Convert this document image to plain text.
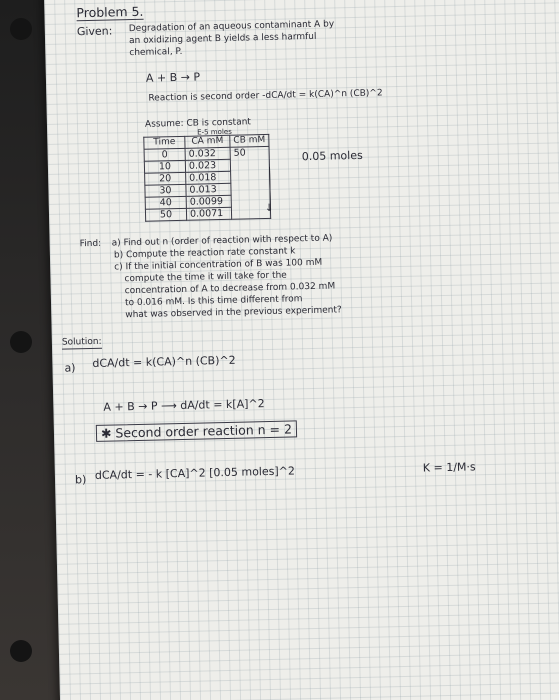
Problem 5.
Given: Degradation of an aqueous contaminant A by
an oxidizing agent B yields a less harmful
chemical, P.
A + B → P
Reaction is second order -dCA/dt = k(CA)^n (CB)^2
Assume: CB is constant
E-5 moles
Time	CA mM	CB mM
0	0.032	50
10	0.023	
20	0.018	
30	0.013	
40	0.0099	
50	0.0071		↓
0.05 moles
Find: a) Find out n (order of reaction with respect to A)
b) Compute the reaction rate constant k
c) If the initial concentration of B was 100 mM
compute the time it will take for the
concentration of A to decrease from 0.032 mM
to 0.016 mM. Is this time different from
what was observed in the previous experiment?
Solution:
a) dCA/dt = k(CA)^n (CB)^2
A + B → P ⟶ dA/dt = k[A]^2
✱ Second order reaction n = 2
b) dCA/dt = - k [CA]^2 [0.05 moles]^2	K = 1/M·s
